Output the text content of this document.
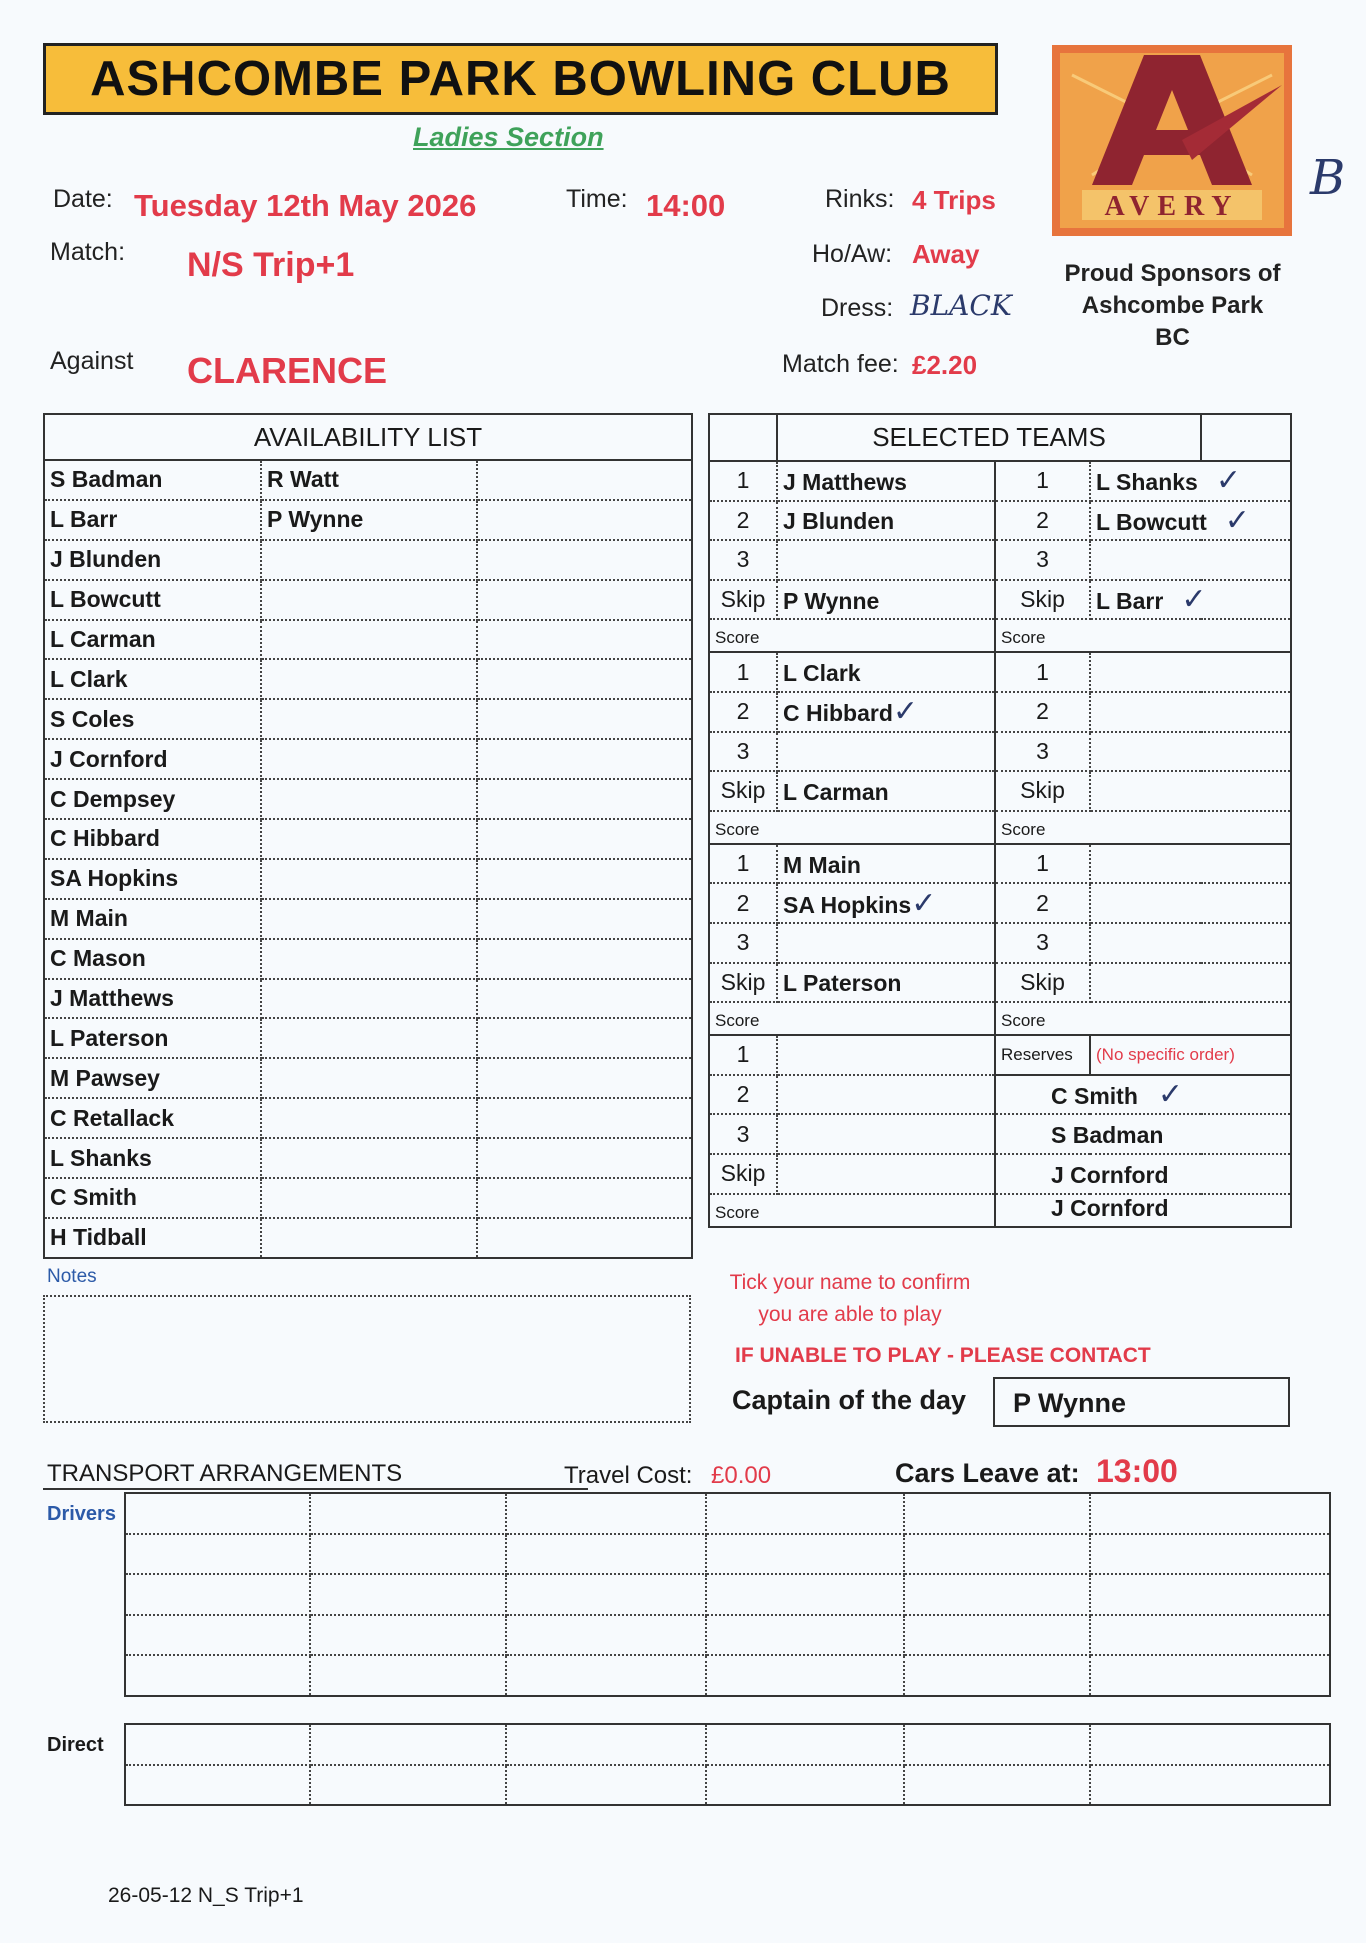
ASHCOMBE PARK BOWLING CLUB
Ladies Section
AVERY
Proud Sponsors of
Ashcombe Park
BC
B
Date: Tuesday 12th May 2026	Time: 14:00	Rinks: 4 Trips
Match: N/S Trip+1	Ho/Aw: Away
Dress: BLACK
Against CLARENCE	Match fee: £2.20
AVAILABILITY LIST		
S Badman	R Watt	
L Barr	P Wynne	
J Blunden		
L Bowcutt		
L Carman		
L Clark		
S Coles		
J Cornford		
C Dempsey		
C Hibbard		
SA Hopkins		
M Main		
C Mason		
J Matthews		
L Paterson		
M Pawsey		
C Retallack		
L Shanks		
C Smith		
H Tidball		
	SELECTED TEAMS			
1	J Matthews	1	L Shanks ✓	
2	J Blunden	2	L Bowcutt ✓	
3		3		
Skip	P Wynne	Skip	L Barr ✓	
Score		Score		
1	L Clark	1		
2	C Hibbard✓	2		
3		3		
Skip	L Carman	Skip		
Score		Score		
1	M Main	1		
2	SA Hopkins✓	2		
3		3		
Skip	L Paterson	Skip		
Score		Score		
1		Reserves	(No specific order)	
2		C Smith ✓		
3		S Badman		
Skip		J Cornford		
Score		J Cornford		
Notes	Tick your name to confirm
you are able to play
IF UNABLE TO PLAY - PLEASE CONTACT
Captain of the day	P Wynne
TRANSPORT ARRANGEMENTS	Travel Cost: £0.00	Cars Leave at: 13:00
Drivers

Direct

26-05-12 N_S Trip+1
